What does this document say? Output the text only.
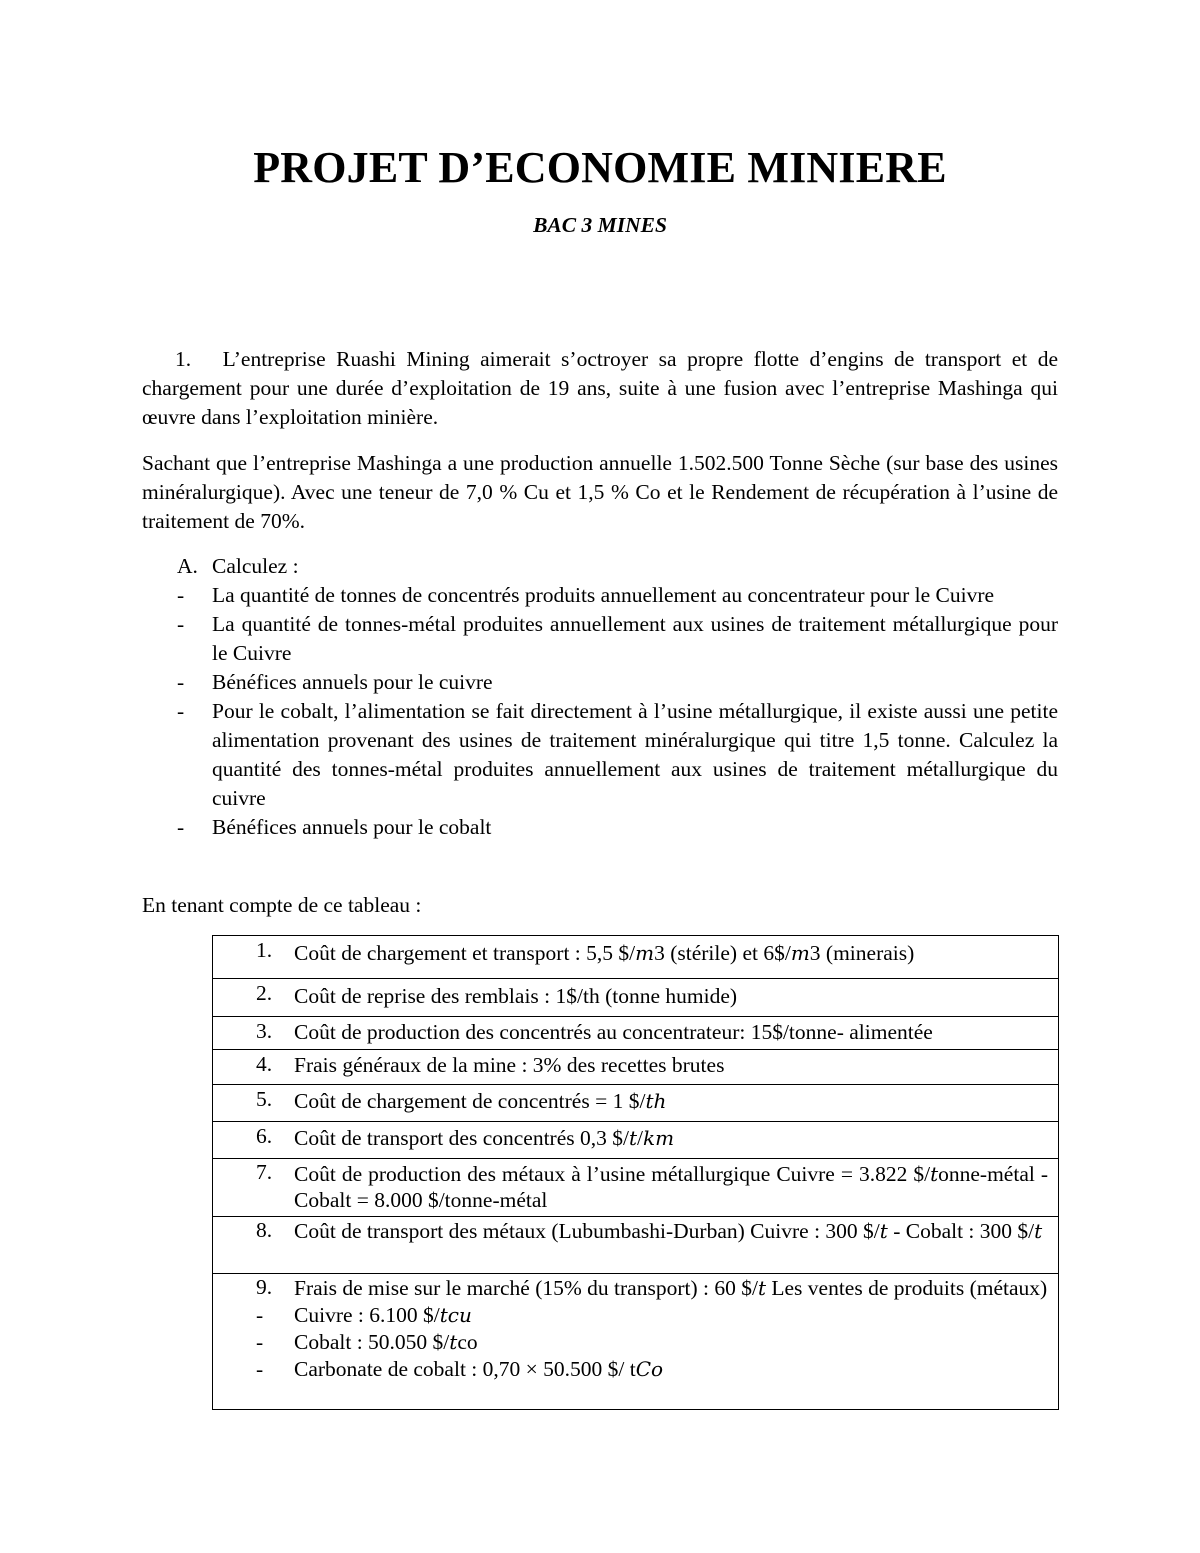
PROJET D’ECONOMIE MINIERE
BAC 3 MINES

1. L’entreprise Ruashi Mining aimerait s’octroyer sa propre flotte d’engins de transport et de chargement pour une durée d’exploitation de 19 ans, suite à une fusion avec l’entreprise Mashinga qui œuvre dans l’exploitation minière.

Sachant que l’entreprise Mashinga a une production annuelle 1.502.500 Tonne Sèche (sur base des usines minéralurgique). Avec une teneur de 7,0 % Cu et 1,5 % Co et le Rendement de récupération à l’usine de traitement de 70%.

A. Calculez :
- La quantité de tonnes de concentrés produits annuellement au concentrateur pour le Cuivre
- La quantité de tonnes-métal produites annuellement aux usines de traitement métallurgique pour le Cuivre
- Bénéfices annuels pour le cuivre
- Pour le cobalt, l’alimentation se fait directement à l’usine métallurgique, il existe aussi une petite alimentation provenant des usines de traitement minéralurgique qui titre 1,5 tonne. Calculez la quantité des tonnes-métal produites annuellement aux usines de traitement métallurgique du cuivre
- Bénéfices annuels pour le cobalt
En tenant compte de ce tableau :
1.	Coût de chargement et transport : 5,5 $/m3 (stérile) et 6$/m3 (minerais)

2.	Coût de reprise des remblais : 1$/th (tonne humide)

3.	Coût de production des concentrés au concentrateur: 15$/tonne- alimentée

4.	Frais généraux de la mine : 3% des recettes brutes

5.	Coût de chargement de concentrés = 1 $/th

6.	Coût de transport des concentrés 0,3 $/t/km

7.	Coût de production des métaux à l’usine métallurgique Cuivre = 3.822 $/tonne-métal - Cobalt = 8.000 $/tonne-métal

8.	Coût de transport des métaux (Lubumbashi-Durban) Cuivre : 300 $/t - Cobalt : 300 $/t

9.	Frais de mise sur le marché (15% du transport) : 60 $/t Les ventes de produits (métaux)
- Cuivre : 6.100 $/tcu
- Cobalt : 50.050 $/tco
- Carbonate de cobalt : 0,70 × 50.500 $/ tCo
